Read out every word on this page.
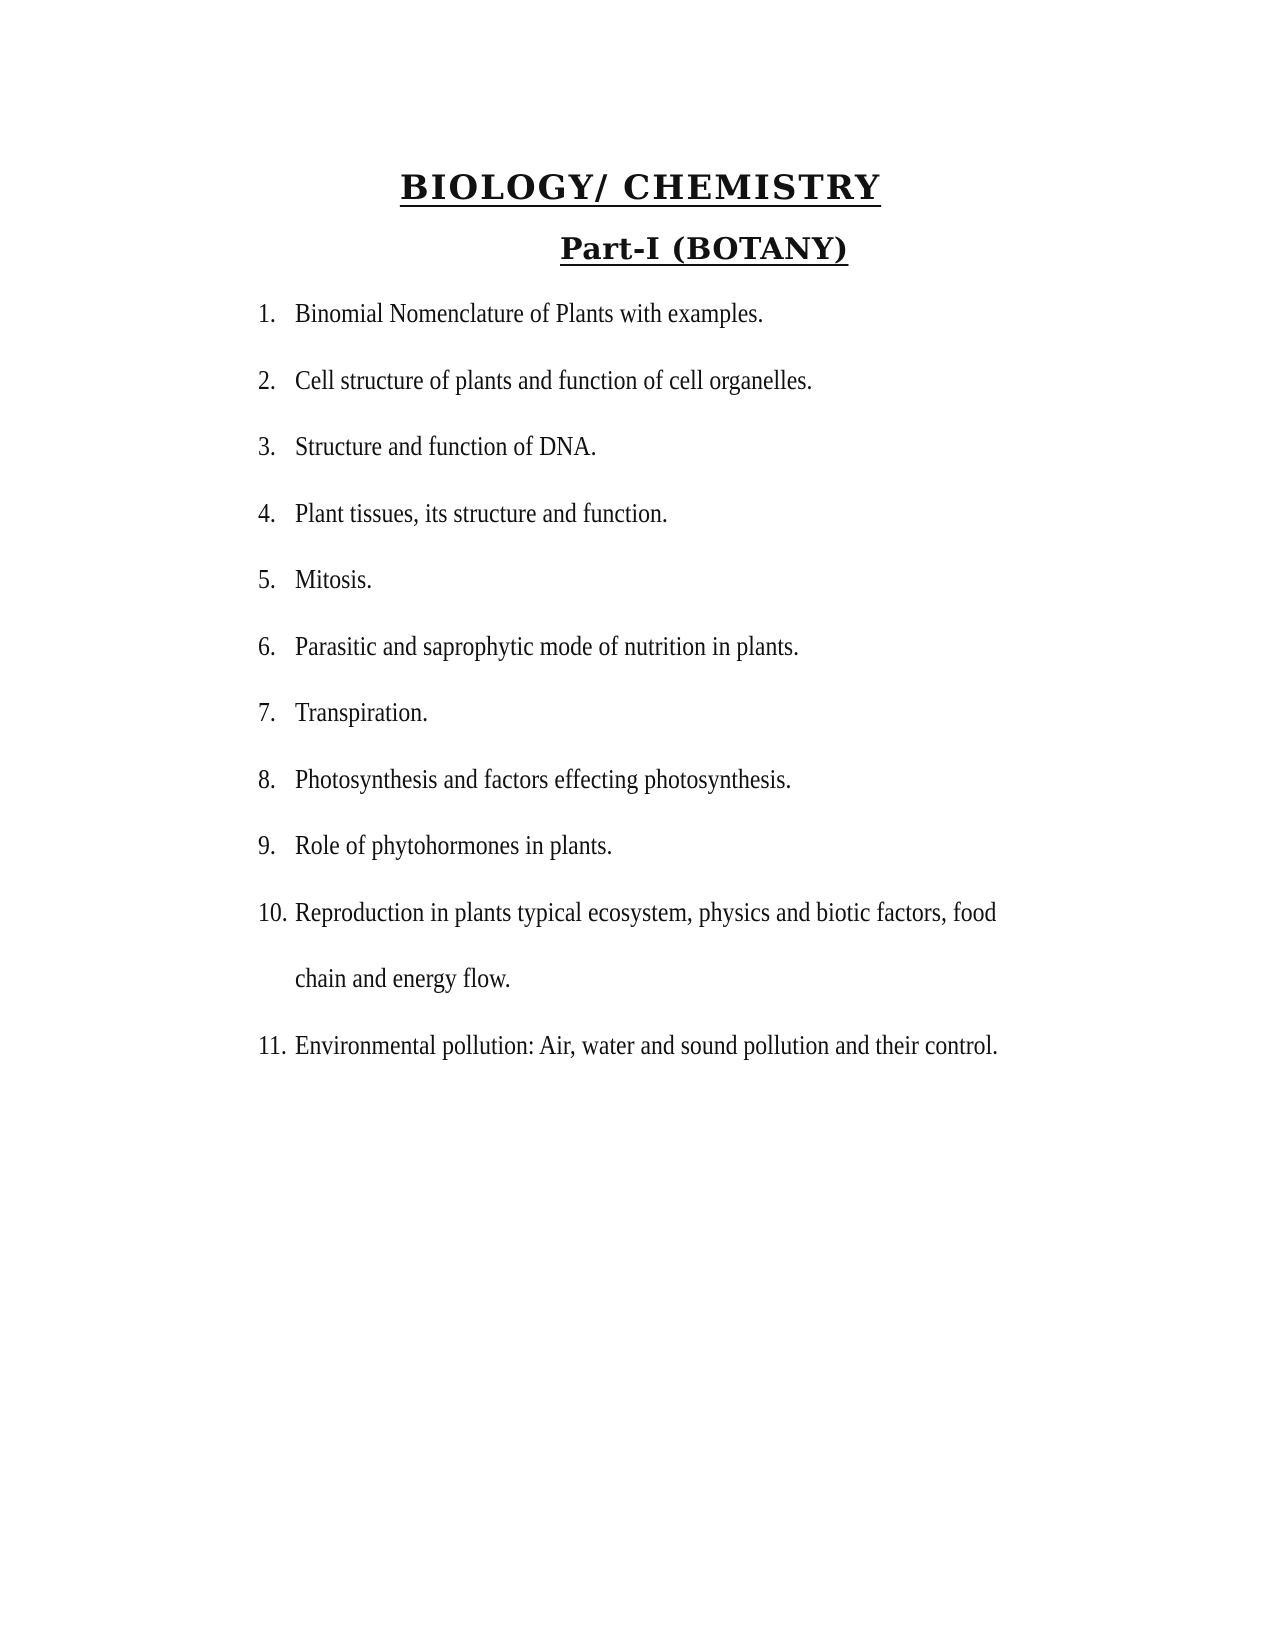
BIOLOGY/ CHEMISTRY
Part-I (BOTANY)
1. Binomial Nomenclature of Plants with examples.
2. Cell structure of plants and function of cell organelles.
3. Structure and function of DNA.
4. Plant tissues, its structure and function.
5. Mitosis.
6. Parasitic and saprophytic mode of nutrition in plants.
7. Transpiration.
8. Photosynthesis and factors effecting photosynthesis.
9. Role of phytohormones in plants.
10. Reproduction in plants typical ecosystem, physics and biotic factors, food
chain and energy flow.
11. Environmental pollution: Air, water and sound pollution and their control.
